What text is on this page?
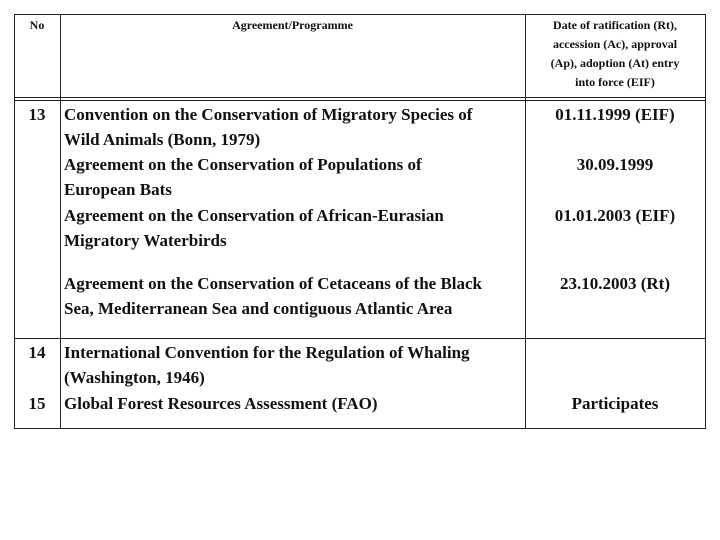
No	Agreement/Programme	Date of ratification (Rt),
accession (Ac), approval
(Ap), adoption (At) entry
into force (EIF)
13	Convention on the Conservation of Migratory Species of
Wild Animals (Bonn, 1979)
01.11.1999 (EIF)
Agreement on the Conservation of Populations of
European Bats
30.09.1999
Agreement on the Conservation of African-Eurasian
Migratory Waterbirds
01.01.2003 (EIF)
Agreement on the Conservation of Cetaceans of the Black
Sea, Mediterranean Sea and contiguous Atlantic Area
23.10.2003 (Rt)
14	International Convention for the Regulation of Whaling
(Washington, 1946)
15	Global Forest Resources Assessment (FAO)	Participates
